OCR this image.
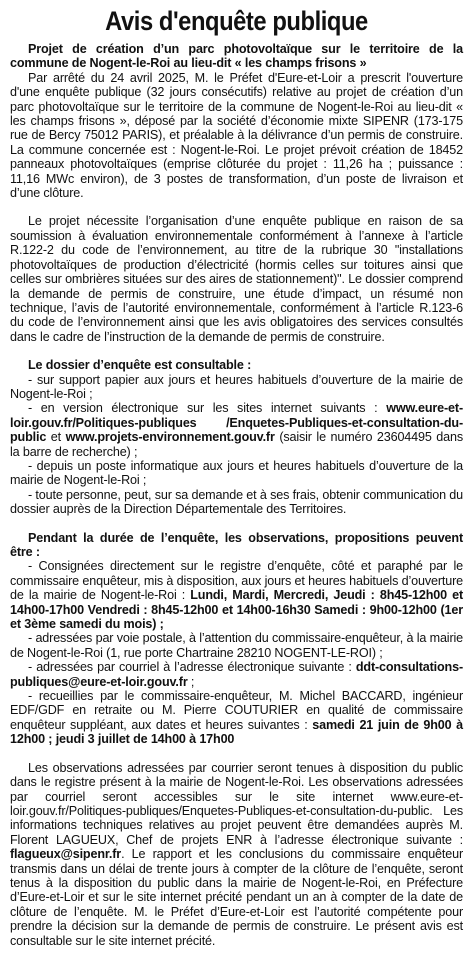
Avis d'enquête publique

Projet de création d’un parc photovoltaïque sur le territoire de la commune de Nogent-le-Roi au lieu-dit « les champs frisons »

Par arrêté du 24 avril 2025, M. le Préfet d'Eure-et-Loir a prescrit l'ouverture d'une enquête publique (32 jours consécutifs) relative au projet de création d’un parc photovoltaïque sur le territoire de la commune de Nogent-le-Roi au lieu-dit « les champs frisons », déposé par la société d’économie mixte SIPENR (173-175 rue de Bercy 75012 PARIS), et préalable à la délivrance d’un permis de construire. La commune concernée est : Nogent-le-Roi. Le projet prévoit création de 18452 panneaux photovoltaïques (emprise clôturée du projet : 11,26 ha ; puissance : 11,16 MWc environ), de 3 postes de transformation, d’un poste de livraison et d’une clôture.

Le projet nécessite l’organisation d’une enquête publique en raison de sa soumission à évaluation environnementale conformément à l’annexe à l’article R.122-2 du code de l’environnement, au titre de la rubrique 30 "installations photovoltaïques de production d’électricité (hormis celles sur toitures ainsi que celles sur ombrières situées sur des aires de stationnement)". Le dossier comprend la demande de permis de construire, une étude d’impact, un résumé non technique, l’avis de l’autorité environnementale, conformément à l’article R.123-6 du code de l’environnement ainsi que les avis obligatoires des services consultés dans le cadre de l’instruction de la demande de permis de construire.

Le dossier d’enquête est consultable :

- sur support papier aux jours et heures habituels d’ouverture de la mairie de Nogent-le-Roi ;

- en version électronique sur les sites internet suivants : www.eure-et-loir.gouv.fr/Politiques-publiques /Enquetes-Publiques-et-consultation-du-public et www.projets-environnement.gouv.fr (saisir le numéro 23604495 dans la barre de recherche) ;

- depuis un poste informatique aux jours et heures habituels d’ouverture de la mairie de Nogent-le-Roi ;

- toute personne, peut, sur sa demande et à ses frais, obtenir communication du dossier auprès de la Direction Départementale des Territoires.

Pendant la durée de l’enquête, les observations, propositions peuvent être :

- Consignées directement sur le registre d’enquête, côté et paraphé par le commissaire enquêteur, mis à disposition, aux jours et heures habituels d’ouverture de la mairie de Nogent-le-Roi : Lundi, Mardi, Mercredi, Jeudi : 8h45-12h00 et 14h00-17h00 Vendredi : 8h45-12h00 et 14h00-16h30 Samedi : 9h00-12h00 (1er et 3ème samedi du mois) ;

- adressées par voie postale, à l’attention du commissaire-enquêteur, à la mairie de Nogent-le-Roi (1, rue porte Chartraine 28210 NOGENT-LE-ROI) ;

- adressées par courriel à l’adresse électronique suivante : ddt-consultations-publiques@eure-et-loir.gouv.fr ;

- recueillies par le commissaire-enquêteur, M. Michel BACCARD, ingénieur EDF/GDF en retraite ou M. Pierre COUTURIER en qualité de commissaire enquêteur suppléant, aux dates et heures suivantes : samedi 21 juin de 9h00 à 12h00 ; jeudi 3 juillet de 14h00 à 17h00

Les observations adressées par courrier seront tenues à disposition du public dans le registre présent à la mairie de Nogent-le-Roi. Les observations adressées par courriel seront accessibles sur le site internet www.eure-et-loir.gouv.fr/Politiques-publiques/Enquetes-Publiques-et-consultation-du-public. Les informations techniques relatives au projet peuvent être demandées auprès M. Florent LAGUEUX, Chef de projets ENR à l’adresse électronique suivante : flagueux@sipenr.fr. Le rapport et les conclusions du commissaire enquêteur transmis dans un délai de trente jours à compter de la clôture de l’enquête, seront tenus à la disposition du public dans la mairie de Nogent-le-Roi, en Préfecture d’Eure-et-Loir et sur le site internet précité pendant un an à compter de la date de clôture de l’enquête. M. le Préfet d’Eure-et-Loir est l’autorité compétente pour prendre la décision sur la demande de permis de construire. Le présent avis est consultable sur le site internet précité.
